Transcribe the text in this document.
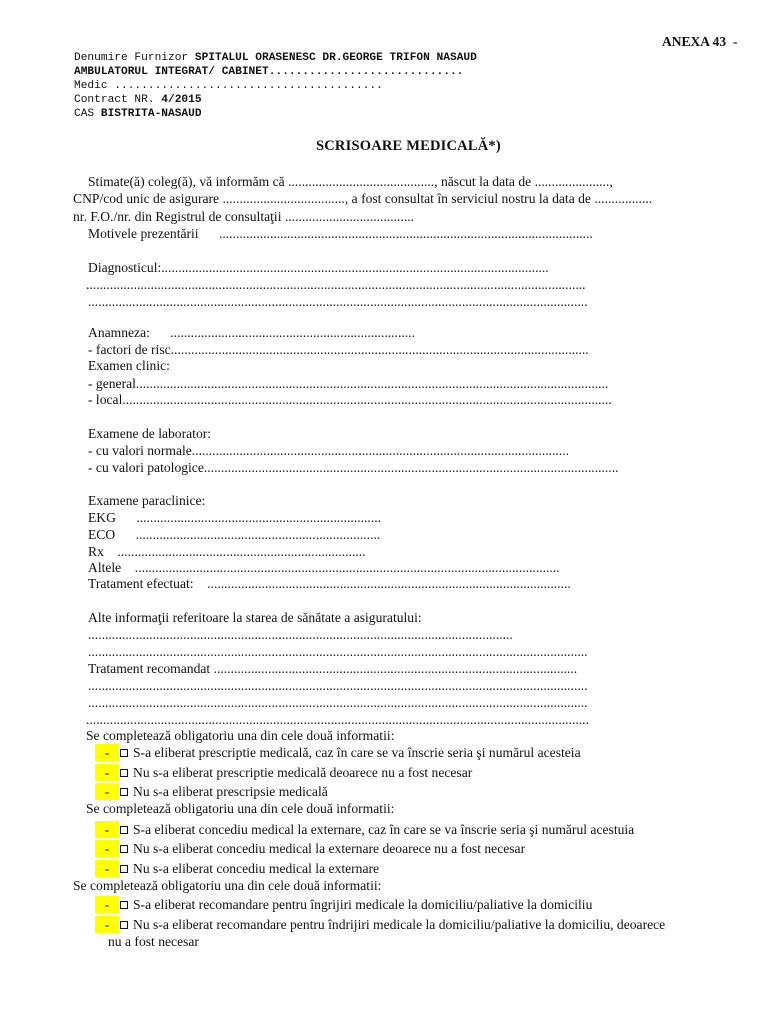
ANEXA 43  -
Denumire Furnizor SPITALUL ORASENESC DR.GEORGE TRIFON NASAUD
AMBULATORUL INTEGRAT/ CABINET.............................
Medic ........................................
Contract NR. 4/2015
CAS BISTRITA-NASAUD
SCRISOARE MEDICALĂ*)
Stimate(ă) coleg(ă), vă informăm că ..........................................., născut la data de ......................,
CNP/cod unic de asigurare ...................................., a fost consultat în serviciul nostru la data de .................
nr. F.O./nr. din Registrul de consultaţii ......................................
Motivele prezentării      ..............................................................................................................
Diagnosticul:..................................................................................................................
...................................................................................................................................................
...................................................................................................................................................
Anamneza:      ........................................................................
- factori de risc...........................................................................................................................
Examen clinic:
- general...........................................................................................................................................
- local................................................................................................................................................
Examene de laborator:
- cu valori normale...............................................................................................................
- cu valori patologice..........................................................................................................................
Examene paraclinice:
EKG      ........................................................................
ECO      ........................................................................
Rx    .........................................................................
Altele    .............................................................................................................................
Tratament efectuat:    ...........................................................................................................
Alte informaţii referitoare la starea de sănătate a asiguratului:
.............................................................................................................................
...................................................................................................................................................
Tratament recomandat ...........................................................................................................
...................................................................................................................................................
...................................................................................................................................................
....................................................................................................................................................
Se completează obligatoriu una din cele două informatii:
-	S-a eliberat prescriptie medicală, caz în care se va înscrie seria şi numărul acesteia
-	Nu s-a eliberat prescriptie medicală deoarece nu a fost necesar
-	Nu s-a eliberat prescripsie medicală
Se completează obligatoriu una din cele două informatii:
-	S-a eliberat concediu medical la externare, caz în care se va înscrie seria şi numărul acestuia
-	Nu s-a eliberat concediu medical la externare deoarece nu a fost necesar
-	Nu s-a eliberat concediu medical la externare
Se completează obligatoriu una din cele două informatii:
-	S-a eliberat recomandare pentru îngrijiri medicale la domiciliu/paliative la domiciliu
-	Nu s-a eliberat recomandare pentru îndrijiri medicale la domiciliu/paliative la domiciliu, deoarece
nu a fost necesar
